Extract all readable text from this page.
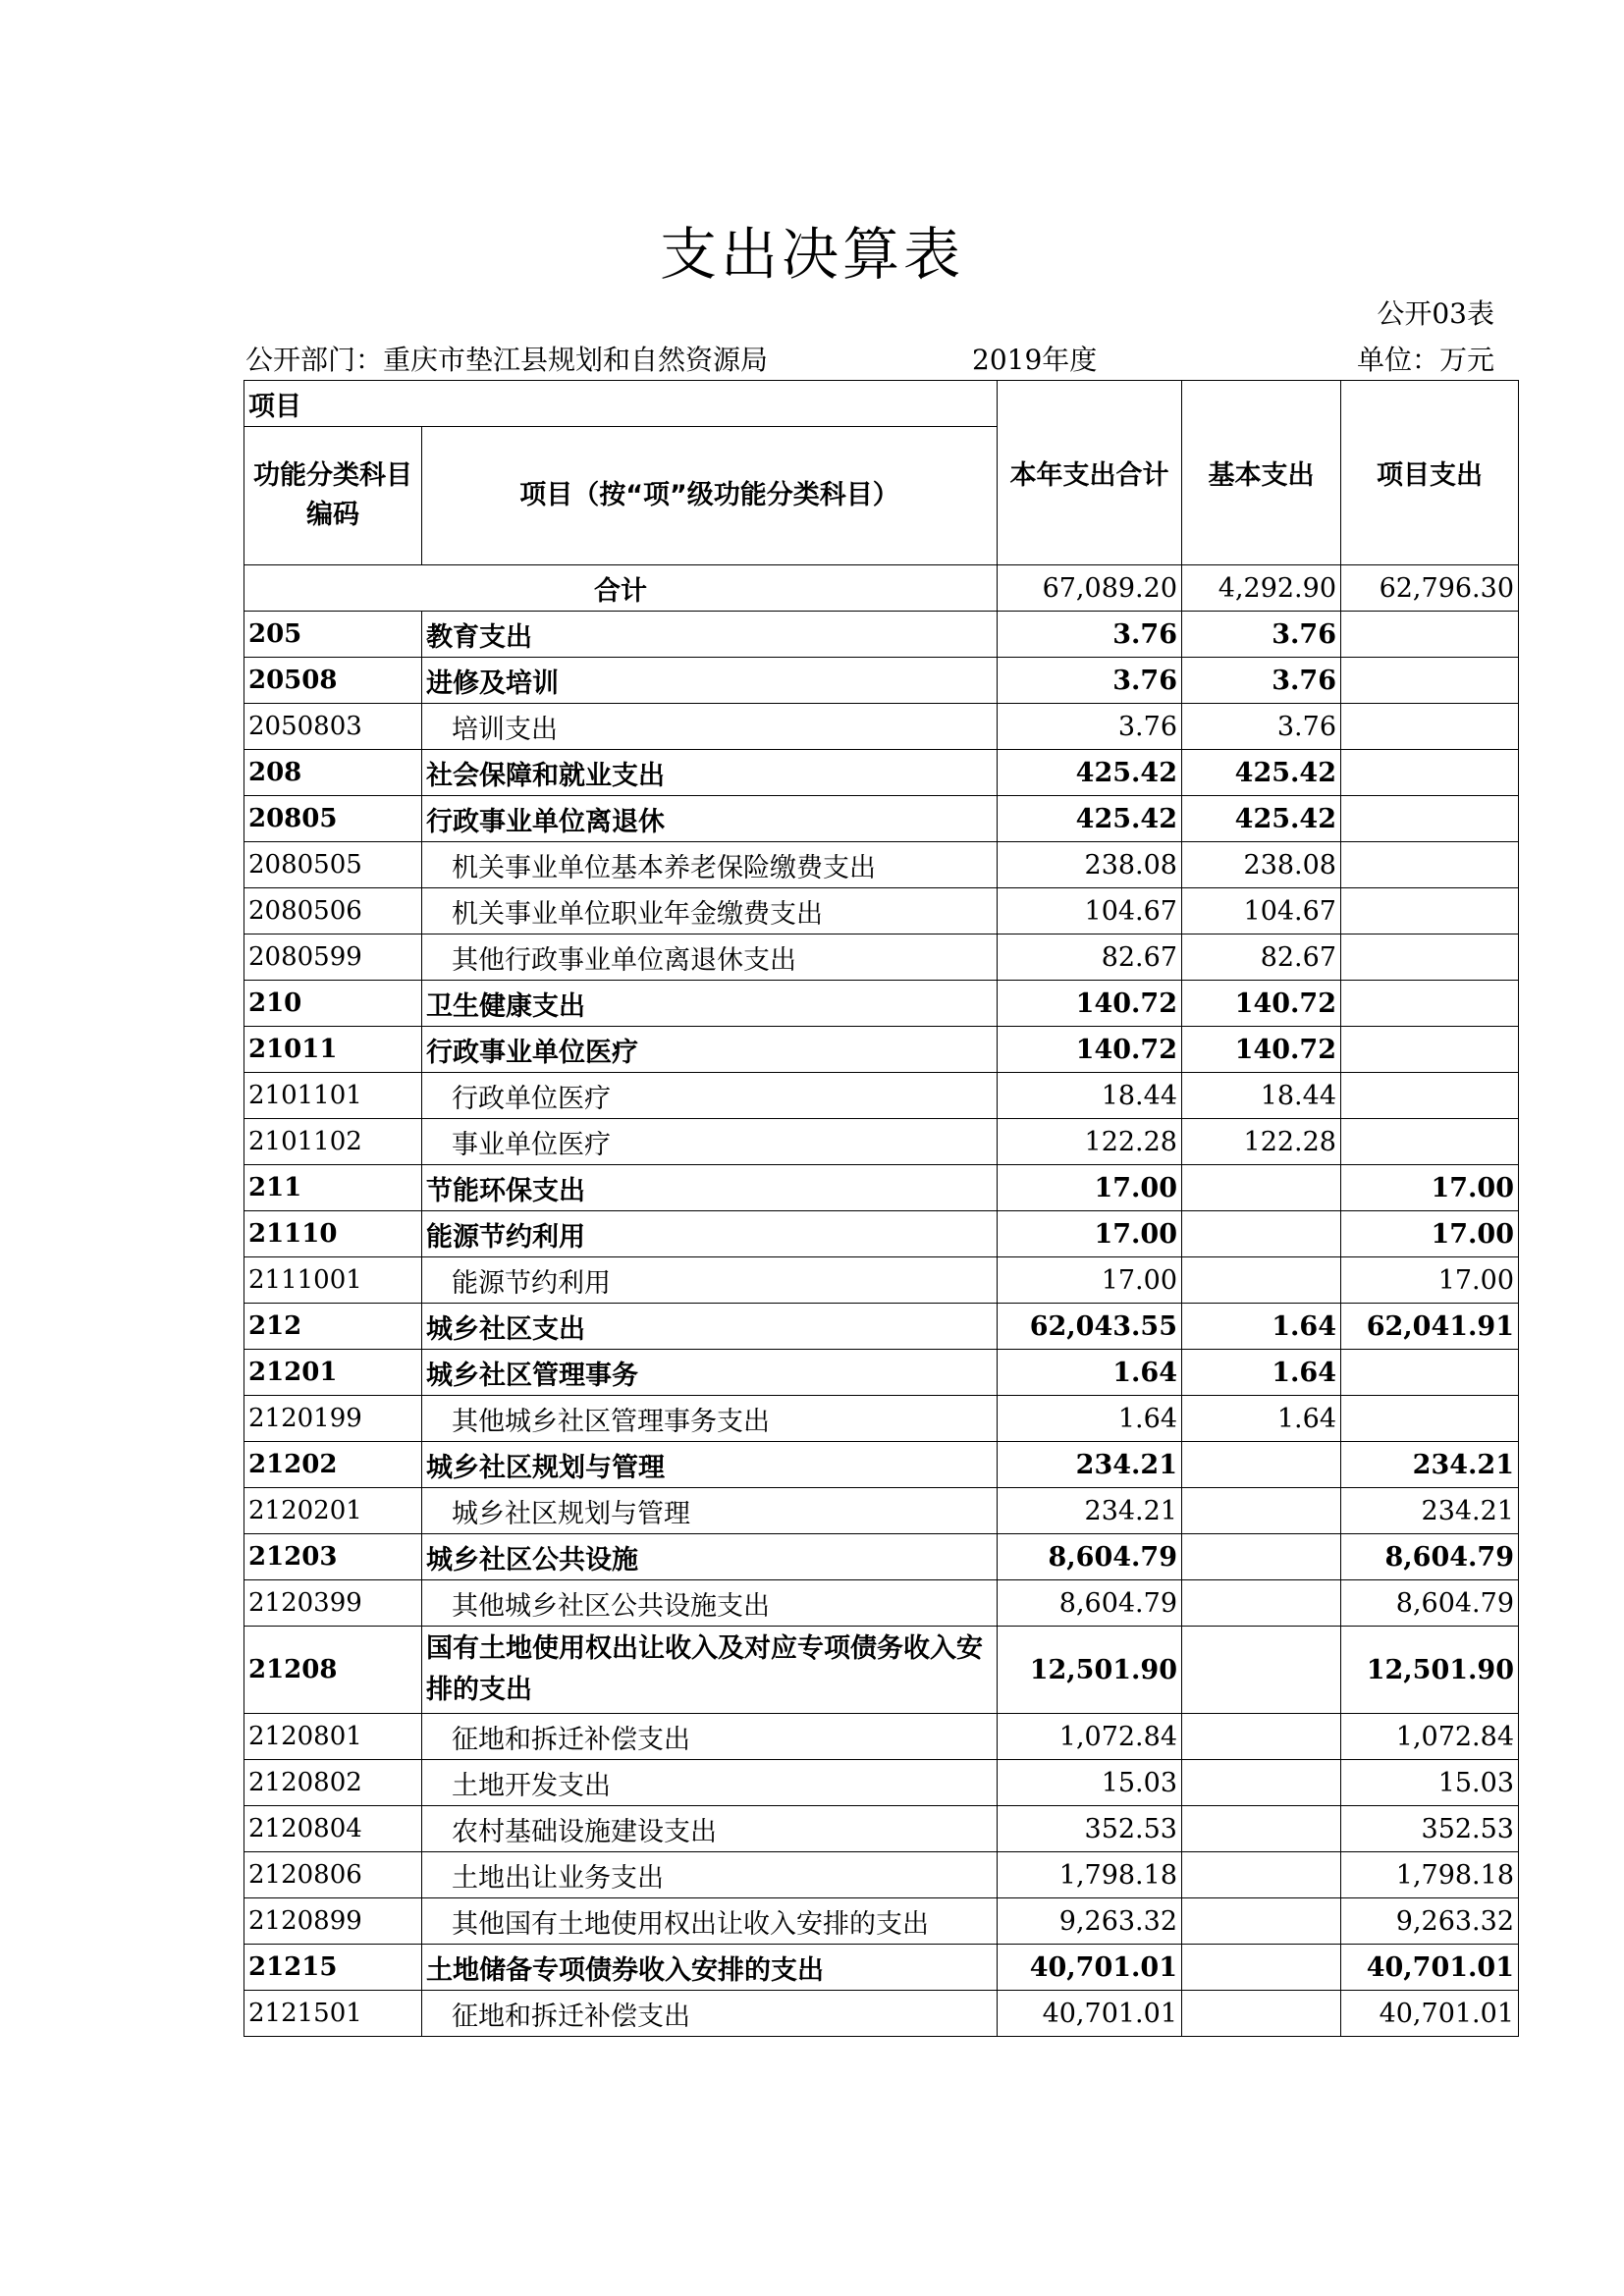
支出决算表
公开03表
公开部门：重庆市垫江县规划和自然资源局	2019年度	单位：万元
项目		本年支出合计	基本支出	项目支出
功能分类科目编码	项目（按“项”级功能分类科目）			
合计		67,089.20	4,292.90	62,796.30
205	教育支出	3.76	3.76	
20508	进修及培训	3.76	3.76	
2050803	培训支出	3.76	3.76	
208	社会保障和就业支出	425.42	425.42	
20805	行政事业单位离退休	425.42	425.42	
2080505	机关事业单位基本养老保险缴费支出	238.08	238.08	
2080506	机关事业单位职业年金缴费支出	104.67	104.67	
2080599	其他行政事业单位离退休支出	82.67	82.67	
210	卫生健康支出	140.72	140.72	
21011	行政事业单位医疗	140.72	140.72	
2101101	行政单位医疗	18.44	18.44	
2101102	事业单位医疗	122.28	122.28	
211	节能环保支出	17.00		17.00
21110	能源节约利用	17.00		17.00
2111001	能源节约利用	17.00		17.00
212	城乡社区支出	62,043.55	1.64	62,041.91
21201	城乡社区管理事务	1.64	1.64	
2120199	其他城乡社区管理事务支出	1.64	1.64	
21202	城乡社区规划与管理	234.21		234.21
2120201	城乡社区规划与管理	234.21		234.21
21203	城乡社区公共设施	8,604.79		8,604.79
2120399	其他城乡社区公共设施支出	8,604.79		8,604.79
21208	国有土地使用权出让收入及对应专项债务收入安排的支出	12,501.90		12,501.90
2120801	征地和拆迁补偿支出	1,072.84		1,072.84
2120802	土地开发支出	15.03		15.03
2120804	农村基础设施建设支出	352.53		352.53
2120806	土地出让业务支出	1,798.18		1,798.18
2120899	其他国有土地使用权出让收入安排的支出	9,263.32		9,263.32
21215	土地储备专项债券收入安排的支出	40,701.01		40,701.01
2121501	征地和拆迁补偿支出	40,701.01		40,701.01
